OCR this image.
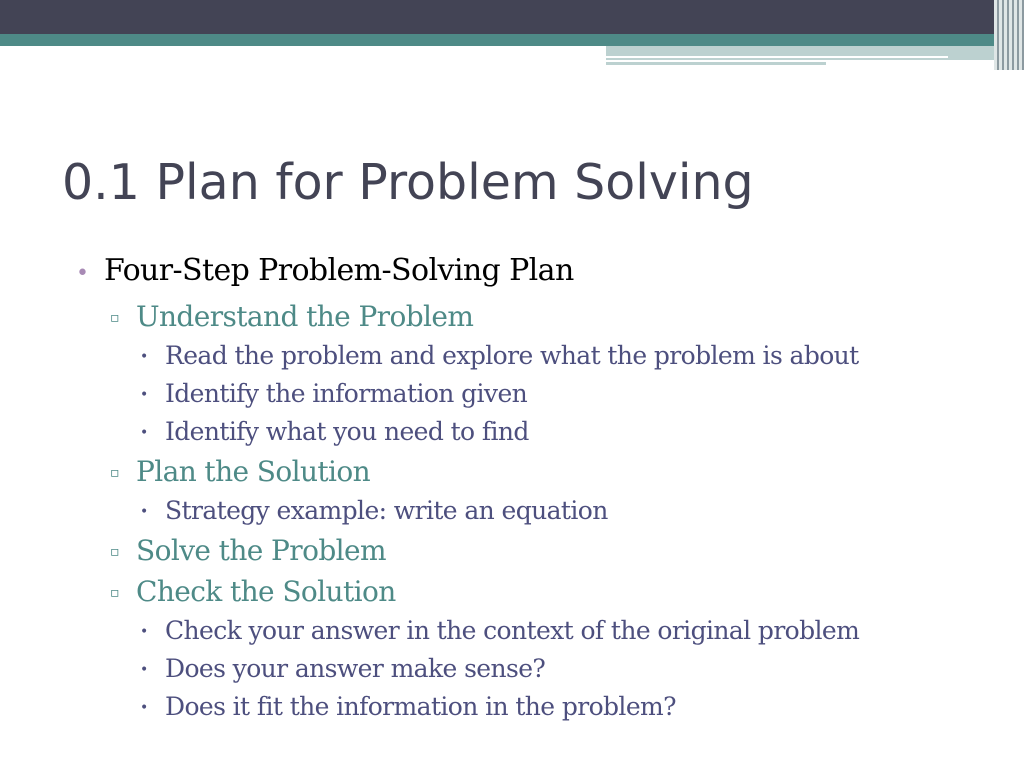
0.1 Plan for Problem Solving
• Four-Step Problem-Solving Plan
▫ Understand the Problem
• Read the problem and explore what the problem is about
• Identify the information given
• Identify what you need to find
▫ Plan the Solution
• Strategy example: write an equation
▫ Solve the Problem
▫ Check the Solution
• Check your answer in the context of the original problem
• Does your answer make sense?
• Does it fit the information in the problem?
